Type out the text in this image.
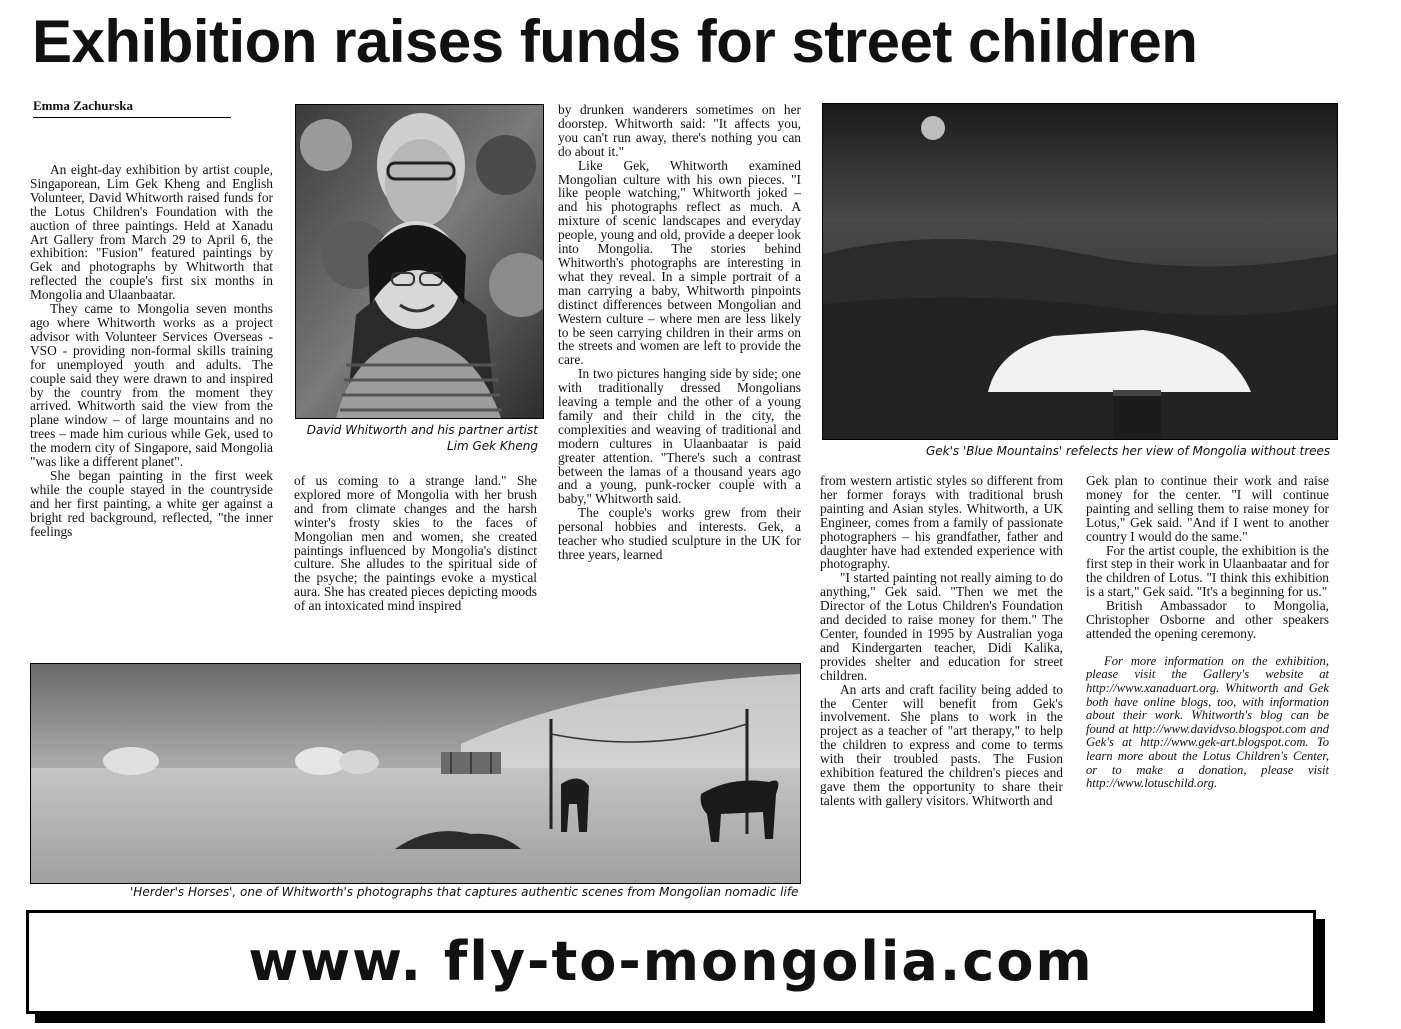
Exhibition raises funds for street children
Emma Zachurska

An eight-day exhibition by artist couple, Singaporean, Lim Gek Kheng and English Volunteer, David Whitworth raised funds for the Lotus Children's Foundation with the auction of three paintings. Held at Xanadu Art Gallery from March 29 to April 6, the exhibition: "Fusion" featured paintings by Gek and photographs by Whitworth that reflected the couple's first six months in Mongolia and Ulaanbaatar.

They came to Mongolia seven months ago where Whitworth works as a project advisor with Volunteer Services Overseas - VSO - providing non-formal skills training for unemployed youth and adults. The couple said they were drawn to and inspired by the country from the moment they arrived. Whitworth said the view from the plane window – of large mountains and no trees – made him curious while Gek, used to the modern city of Singapore, said Mongolia "was like a different planet".

She began painting in the first week while the couple stayed in the countryside and her first painting, a white ger against a bright red background, reflected, "the inner feelings

David Whitworth and his partner artist
Lim Gek Kheng

of us coming to a strange land." She explored more of Mongolia with her brush and from climate changes and the harsh winter's frosty skies to the faces of Mongolian men and women, she created paintings influenced by Mongolia's distinct culture. She alludes to the spiritual side of the psyche; the paintings evoke a mystical aura. She has created pieces depicting moods of an intoxicated mind inspired

by drunken wanderers sometimes on her doorstep. Whitworth said: "It affects you, you can't run away, there's nothing you can do about it."

Like Gek, Whitworth examined Mongolian culture with his own pieces. "I like people watching," Whitworth joked – and his photographs reflect as much. A mixture of scenic landscapes and everyday people, young and old, provide a deeper look into Mongolia. The stories behind Whitworth's photographs are interesting in what they reveal. In a simple portrait of a man carrying a baby, Whitworth pinpoints distinct differences between Mongolian and Western culture – where men are less likely to be seen carrying children in their arms on the streets and women are left to provide the care.

In two pictures hanging side by side; one with traditionally dressed Mongolians leaving a temple and the other of a young family and their child in the city, the complexities and weaving of traditional and modern cultures in Ulaanbaatar is paid greater attention. "There's such a contrast between the lamas of a thousand years ago and a young, punk-rocker couple with a baby," Whitworth said.

The couple's works grew from their personal hobbies and interests. Gek, a teacher who studied sculpture in the UK for three years, learned

Gek's 'Blue Mountains' refelects her view of Mongolia without trees

from western artistic styles so different from her former forays with traditional brush painting and Asian styles. Whitworth, a UK Engineer, comes from a family of passionate photographers – his grandfather, father and daughter have had extended experience with photography.

"I started painting not really aiming to do anything," Gek said. "Then we met the Director of the Lotus Children's Foundation and decided to raise money for them." The Center, founded in 1995 by Australian yoga and Kindergarten teacher, Didi Kalika, provides shelter and education for street children.

An arts and craft facility being added to the Center will benefit from Gek's involvement. She plans to work in the project as a teacher of "art therapy," to help the children to express and come to terms with their troubled pasts. The Fusion exhibition featured the children's pieces and gave them the opportunity to share their talents with gallery visitors. Whitworth and

Gek plan to continue their work and raise money for the center. "I will continue painting and selling them to raise money for Lotus," Gek said. "And if I went to another country I would do the same."

For the artist couple, the exhibition is the first step in their work in Ulaanbaatar and for the children of Lotus. "I think this exhibition is a start," Gek said. "It's a beginning for us."

British Ambassador to Mongolia, Christopher Osborne and other speakers attended the opening ceremony.

For more information on the exhibition, please visit the Gallery's website at http://www.xanaduart.org. Whitworth and Gek both have online blogs, too, with information about their work. Whitworth's blog can be found at http://www.davidvso.blogspot.com and Gek's at http://www.gek-art.blogspot.com. To learn more about the Lotus Children's Center, or to make a donation, please visit http://www.lotuschild.org.

'Herder's Horses', one of Whitworth's photographs that captures authentic scenes from Mongolian nomadic life
www. fly-to-mongolia.com
